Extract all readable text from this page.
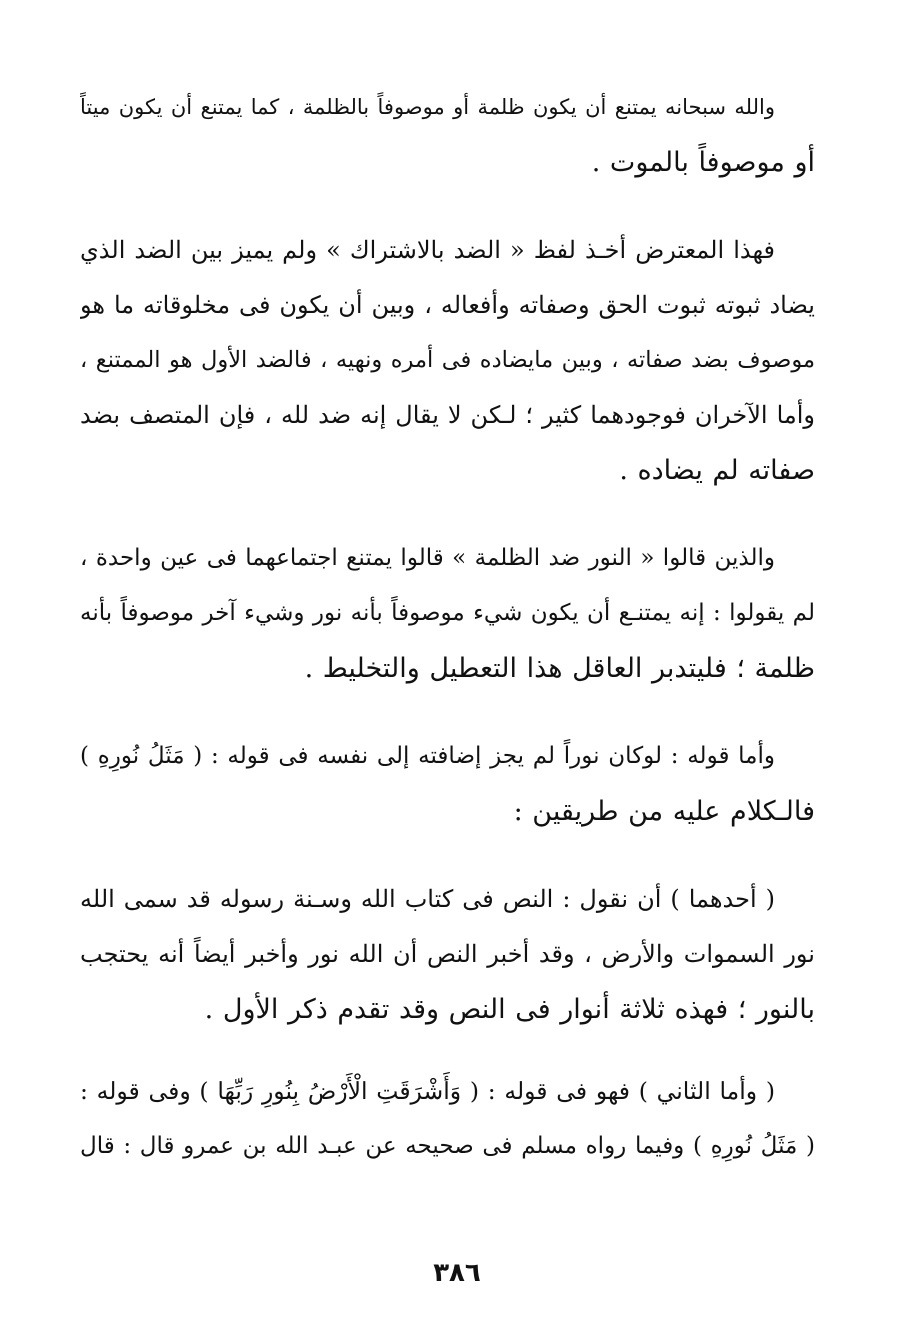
والله سبحانه يمتنع أن يكون ظلمة أو موصوفاً بالظلمة ، كما يمتنع أن يكون ميتاً
أو موصوفاً بالموت .

فهذا المعترض أخـذ لفظ « الضد بالاشتراك » ولم يميز بين الضد الذي
يضاد ثبوته ثبوت الحق وصفاته وأفعاله ، وبين أن يكون فى مخلوقاته ما هو
موصوف بضد صفاته ، وبين مايضاده فى أمره ونهيه ، فالضد الأول هو الممتنع ،
وأما الآخران فوجودهما كثير ؛ لـكن لا يقال إنه ضد لله ، فإن المتصف بضد
صفاته لم يضاده .

والذين قالوا « النور ضد الظلمة » قالوا يمتنع اجتماعهما فى عين واحدة ،
لم يقولوا : إنه يمتنـع أن يكون شيء موصوفاً بأنه نور وشيء آخر موصوفاً بأنه
ظلمة ؛ فليتدبر العاقل هذا التعطيل والتخليط .

وأما قوله : لوكان نوراً لم يجز إضافته إلى نفسه فى قوله : ( مَثَلُ نُورِهِ )
فالـكلام عليه من طريقين :

( أحدهما ) أن نقول : النص فى كتاب الله وسـنة رسوله قد سمى الله
نور السموات والأرض ، وقد أخبر النص أن الله نور وأخبر أيضاً أنه يحتجب
بالنور ؛ فهذه ثلاثة أنوار فى النص وقد تقدم ذكر الأول .

( وأما الثاني ) فهو فى قوله : ( وَأَشْرَقَتِ الْأَرْضُ بِنُورِ رَبِّهَا ) وفى قوله :
( مَثَلُ نُورِهِ ) وفيما رواه مسلم فى صحيحه عن عبـد الله بن عمرو قال : قال

٣٨٦
